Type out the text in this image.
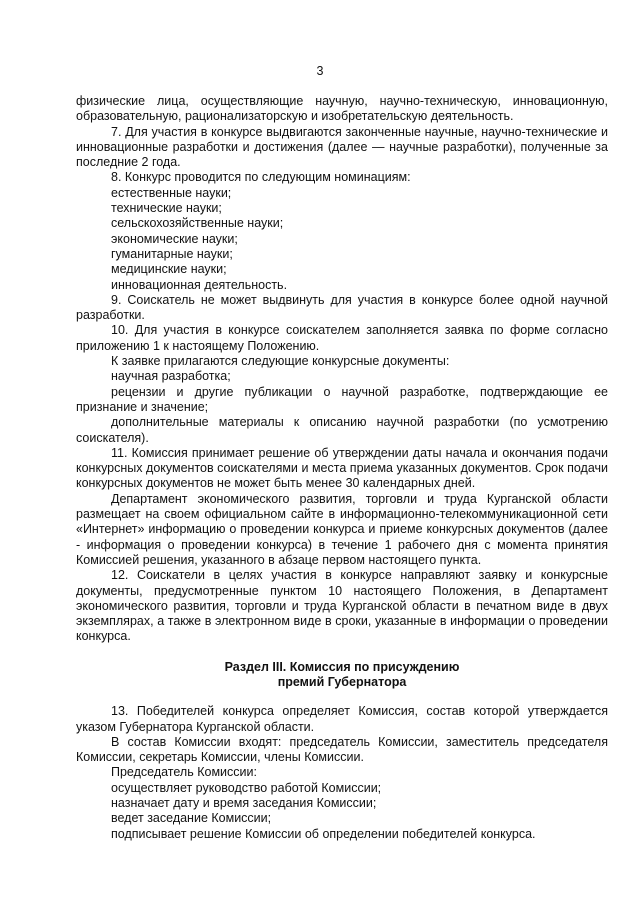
3

физические лица, осуществляющие научную, научно-техническую, инновационную, образовательную, рационализаторскую и изобретательскую деятельность.

7. Для участия в конкурсе выдвигаются законченные научные, научно-технические и инновационные разработки и достижения (далее — научные разработки), полученные за последние 2 года.

8. Конкурс проводится по следующим номинациям:

естественные науки;

технические науки;

сельскохозяйственные науки;

экономические науки;

гуманитарные науки;

медицинские науки;

инновационная деятельность.

9. Соискатель не может выдвинуть для участия в конкурсе более одной научной разработки.

10. Для участия в конкурсе соискателем заполняется заявка по форме согласно приложению 1 к настоящему Положению.

К заявке прилагаются следующие конкурсные документы:

научная разработка;

рецензии и другие публикации о научной разработке, подтверждающие ее признание и значение;

дополнительные материалы к описанию научной разработки (по усмотрению соискателя).

11. Комиссия принимает решение об утверждении даты начала и окончания подачи конкурсных документов соискателями и места приема указанных документов. Срок подачи конкурсных документов не может быть менее 30 календарных дней.

Департамент экономического развития, торговли и труда Курганской области размещает на своем официальном сайте в информационно-телекоммуникационной сети «Интернет» информацию о проведении конкурса и приеме конкурсных документов (далее - информация о проведении конкурса) в течение 1 рабочего дня с момента принятия Комиссией решения, указанного в абзаце первом настоящего пункта.

12. Соискатели в целях участия в конкурсе направляют заявку и конкурсные документы, предусмотренные пунктом 10 настоящего Положения, в Департамент экономического развития, торговли и труда Курганской области в печатном виде в двух экземплярах, а также в электронном виде в сроки, указанные в информации о проведении конкурса.

Раздел III. Комиссия по присуждению
премий Губернатора

13. Победителей конкурса определяет Комиссия, состав которой утверждается указом Губернатора Курганской области.

В состав Комиссии входят: председатель Комиссии, заместитель председателя Комиссии, секретарь Комиссии, члены Комиссии.

Председатель Комиссии:

осуществляет руководство работой Комиссии;

назначает дату и время заседания Комиссии;

ведет заседание Комиссии;

подписывает решение Комиссии об определении победителей конкурса.
